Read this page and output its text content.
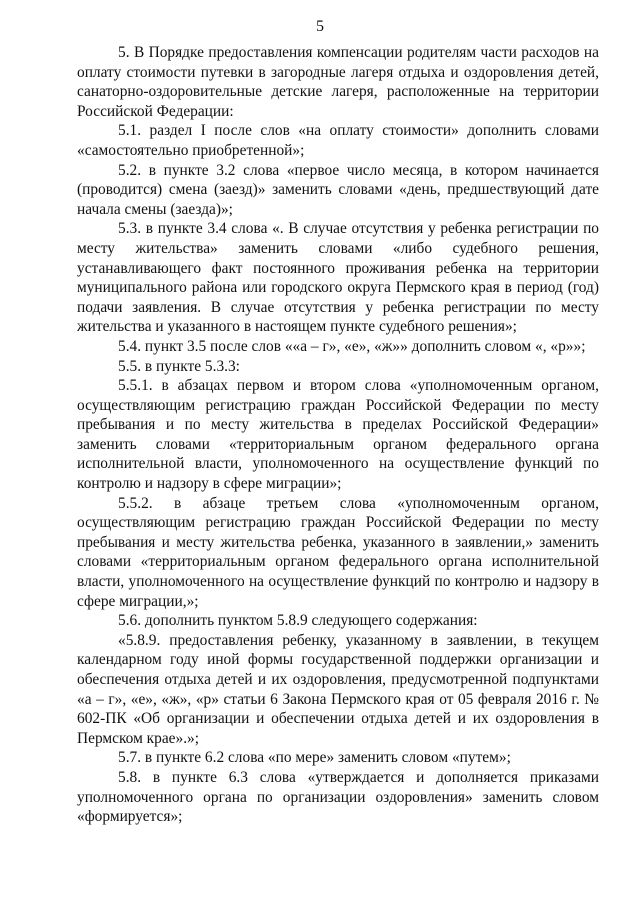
5

5. В Порядке предоставления компенсации родителям части расходов на оплату стоимости путевки в загородные лагеря отдыха и оздоровления детей, санаторно-оздоровительные детские лагеря, расположенные на территории Российской Федерации:

5.1. раздел I после слов «на оплату стоимости» дополнить словами «самостоятельно приобретенной»;

5.2. в пункте 3.2 слова «первое число месяца, в котором начинается (проводится) смена (заезд)» заменить словами «день, предшествующий дате начала смены (заезда)»;

5.3. в пункте 3.4 слова «. В случае отсутствия у ребенка регистрации по месту жительства» заменить словами «либо судебного решения, устанавливающего факт постоянного проживания ребенка на территории муниципального района или городского округа Пермского края в период (год) подачи заявления. В случае отсутствия у ребенка регистрации по месту жительства и указанного в настоящем пункте судебного решения»;

5.4. пункт 3.5 после слов ««а – г», «е», «ж»» дополнить словом «, «р»»;

5.5. в пункте 5.3.3:

5.5.1. в абзацах первом и втором слова «уполномоченным органом, осуществляющим регистрацию граждан Российской Федерации по месту пребывания и по месту жительства в пределах Российской Федерации» заменить словами «территориальным органом федерального органа исполнительной власти, уполномоченного на осуществление функций по контролю и надзору в сфере миграции»;

5.5.2. в абзаце третьем слова «уполномоченным органом, осуществляющим регистрацию граждан Российской Федерации по месту пребывания и месту жительства ребенка, указанного в заявлении,» заменить словами «территориальным органом федерального органа исполнительной власти, уполномоченного на осуществление функций по контролю и надзору в сфере миграции,»;

5.6. дополнить пунктом 5.8.9 следующего содержания:

«5.8.9. предоставления ребенку, указанному в заявлении, в текущем календарном году иной формы государственной поддержки организации и обеспечения отдыха детей и их оздоровления, предусмотренной подпунктами «а – г», «е», «ж», «р» статьи 6 Закона Пермского края от 05 февраля 2016 г. № 602-ПК «Об организации и обеспечении отдыха детей и их оздоровления в Пермском крае».»;

5.7. в пункте 6.2 слова «по мере» заменить словом «путем»;

5.8. в пункте 6.3 слова «утверждается и дополняется приказами уполномоченного органа по организации оздоровления» заменить словом «формируется»;
